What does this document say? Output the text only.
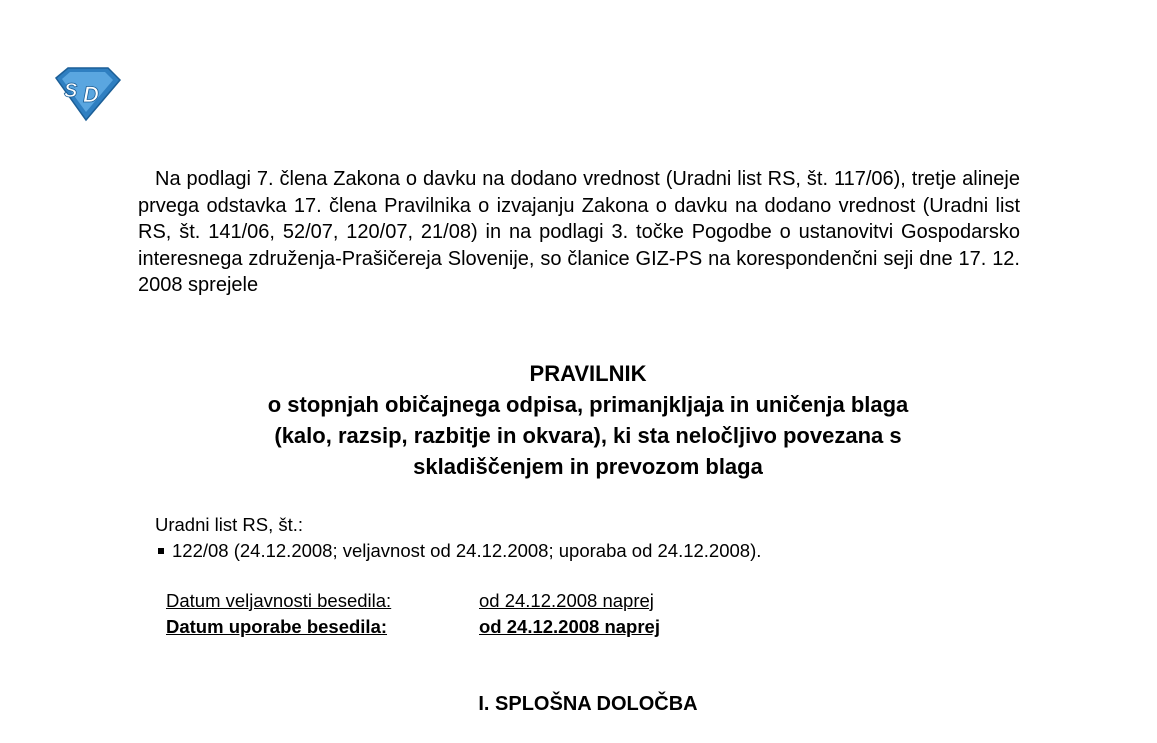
S D

Na podlagi 7. člena Zakona o davku na dodano vrednost (Uradni list RS, št. 117/06), tretje alineje prvega odstavka 17. člena Pravilnika o izvajanju Zakona o davku na dodano vrednost (Uradni list RS, št. 141/06, 52/07, 120/07, 21/08) in na podlagi 3. točke Pogodbe o ustanovitvi Gospodarsko interesnega združenja-Prašičereja Slovenije, so članice GIZ-PS na korespondenčni seji dne 17. 12. 2008 sprejele

PRAVILNIK
o stopnjah običajnega odpisa, primanjkljaja in uničenja blaga
(kalo, razsip, razbitje in okvara), ki sta neločljivo povezana s
skladiščenjem in prevozom blaga
Uradni list RS, št.:
122/08 (24.12.2008; veljavnost od 24.12.2008; uporaba od 24.12.2008).
Datum veljavnosti besedila:	od 24.12.2008 naprej
Datum uporabe besedila:	od 24.12.2008 naprej
I. SPLOŠNA DOLOČBA
